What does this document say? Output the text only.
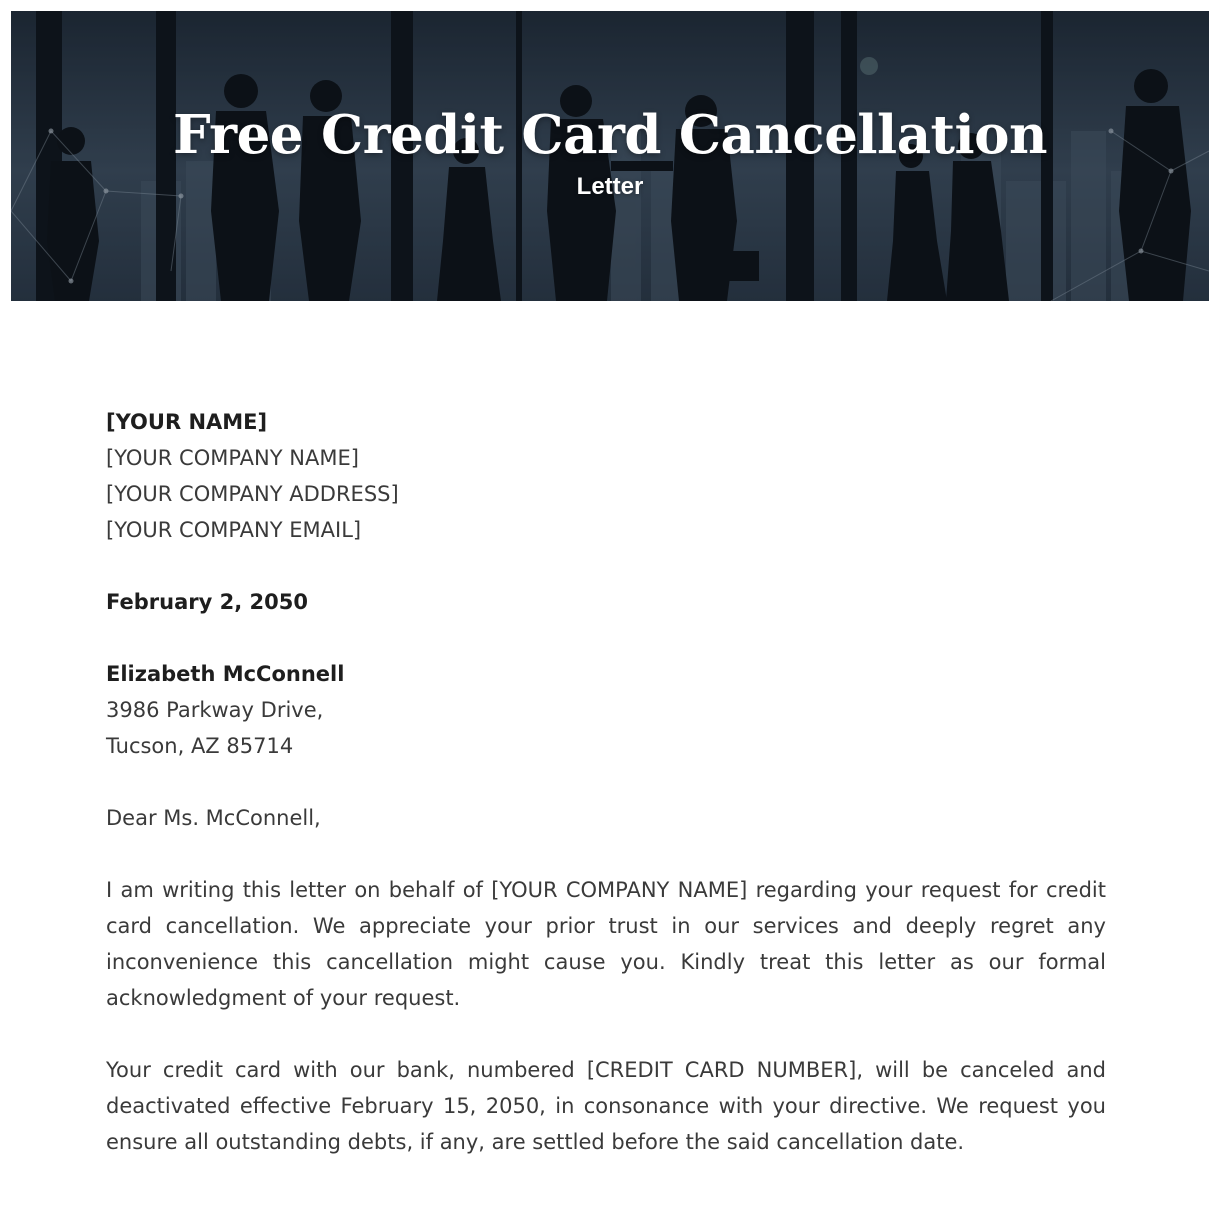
Free Credit Card Cancellation
Letter
[YOUR NAME]
[YOUR COMPANY NAME]
[YOUR COMPANY ADDRESS]
[YOUR COMPANY EMAIL]
February 2, 2050
Elizabeth McConnell
3986 Parkway Drive,
Tucson, AZ 85714
Dear Ms. McConnell,
I am writing this letter on behalf of [YOUR COMPANY NAME] regarding your request for credit card cancellation. We appreciate your prior trust in our services and deeply regret any inconvenience this cancellation might cause you. Kindly treat this letter as our formal acknowledgment of your request.
Your credit card with our bank, numbered [CREDIT CARD NUMBER], will be canceled and deactivated effective February 15, 2050, in consonance with your directive. We request you ensure all outstanding debts, if any, are settled before the said cancellation date.
